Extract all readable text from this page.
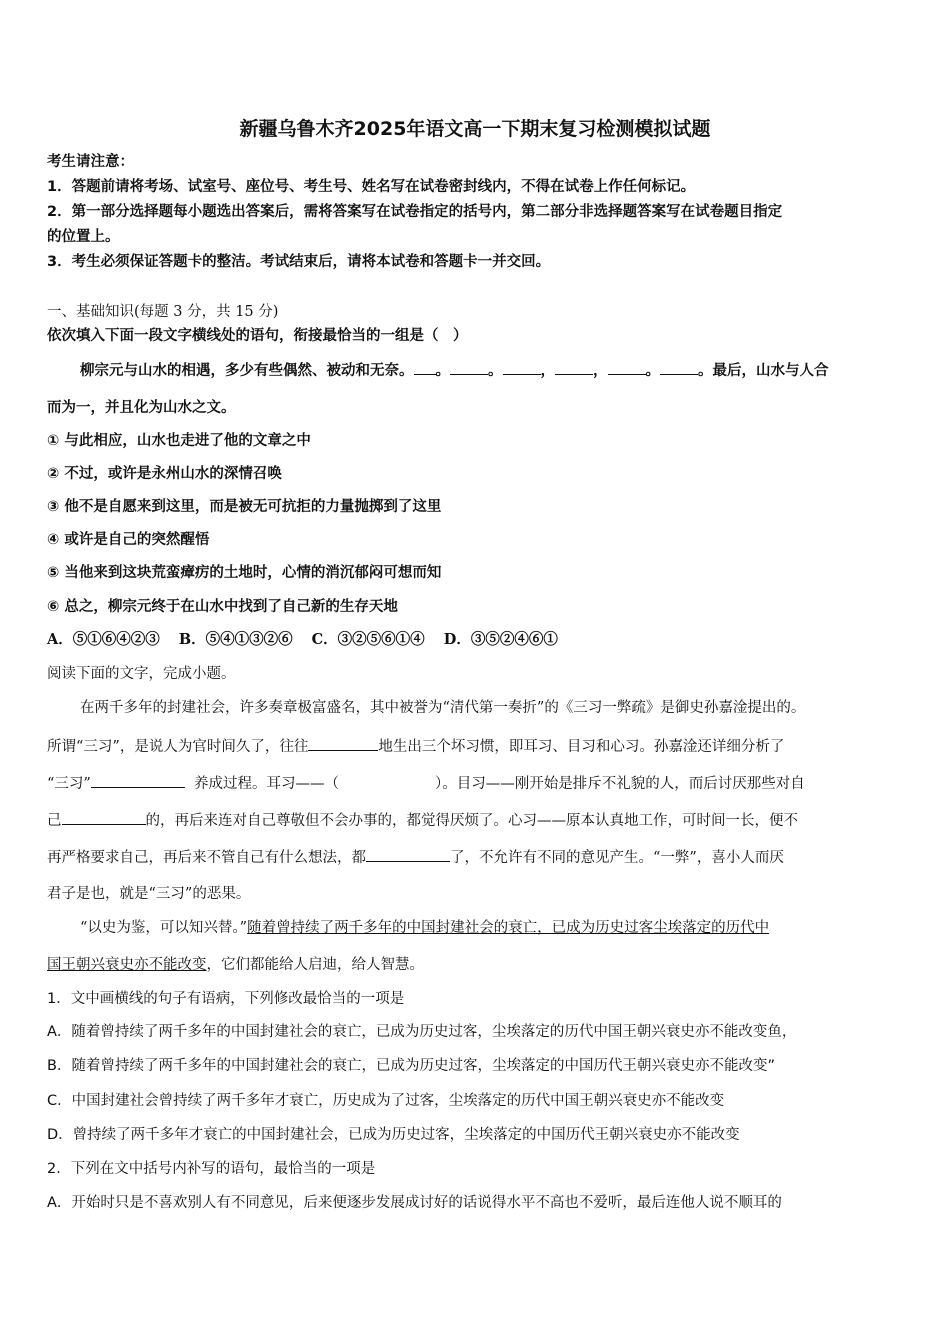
新疆乌鲁木齐2025年语文高一下期末复习检测模拟试题
考生请注意：
1．答题前请将考场、试室号、座位号、考生号、姓名写在试卷密封线内，不得在试卷上作任何标记。
2．第一部分选择题每小题选出答案后，需将答案写在试卷指定的括号内，第二部分非选择题答案写在试卷题目指定
的位置上。
3．考生必须保证答题卡的整洁。考试结束后，请将本试卷和答题卡一并交回。
一、基础知识(每题 3 分，共 15 分)
依次填入下面一段文字横线处的语句，衔接最恰当的一组是（　）
柳宗元与山水的相遇，多少有些偶然、被动和无奈。 。	。	，	，	。	。最后，山水与人合
而为一，并且化为山水之文。
① 与此相应，山水也走进了他的文章之中
② 不过，或许是永州山水的深情召唤
③ 他不是自愿来到这里，而是被无可抗拒的力量抛掷到了这里
④ 或许是自己的突然醒悟
⑤ 当他来到这块荒蛮瘴疠的土地时，心情的消沉郁闷可想而知
⑥ 总之，柳宗元终于在山水中找到了自己新的生存天地
A．⑤①⑥④②③ B．⑤④①③②⑥ C．③②⑤⑥①④ D．③⑤②④⑥①
阅读下面的文字，完成小题。
在两千多年的封建社会，许多奏章极富盛名，其中被誉为“清代第一奏折”的《三习一弊疏》是御史孙嘉淦提出的。
所谓“三习”，是说人为官时间久了，往往	地生出三个坏习惯，即耳习、目习和心习。孙嘉淦还详细分析了
“三习”	养成过程。耳习——（	）。目习——刚开始是排斥不礼貌的人，而后讨厌那些对自
己	的，再后来连对自己尊敬但不会办事的，都觉得厌烦了。心习——原本认真地工作，可时间一长，便不
再严格要求自己，再后来不管自己有什么想法，都	了，不允许有不同的意见产生。“一弊”，喜小人而厌
君子是也，就是“三习”的恶果。
“以史为鉴，可以知兴替。”随着曾持续了两千多年的中国封建社会的衰亡，已成为历史过客尘埃落定的历代中
国王朝兴衰史亦不能改变，它们都能给人启迪，给人智慧。
1．文中画横线的句子有语病，下列修改最恰当的一项是
A．随着曾持续了两千多年的中国封建社会的衰亡，已成为历史过客，尘埃落定的历代中国王朝兴衰史亦不能改变鱼，
B．随着曾持续了两千多年的中国封建社会的衰亡，已成为历史过客，尘埃落定的中国历代王朝兴衰史亦不能改变”
C．中国封建社会曾持续了两千多年才衰亡，历史成为了过客，尘埃落定的历代中国王朝兴衰史亦不能改变
D．曾持续了两千多年才衰亡的中国封建社会，已成为历史过客，尘埃落定的中国历代王朝兴衰史亦不能改变
2．下列在文中括号内补写的语句，最恰当的一项是
A．开始时只是不喜欢别人有不同意见，后来便逐步发展成讨好的话说得水平不高也不爱听，最后连他人说不顺耳的
